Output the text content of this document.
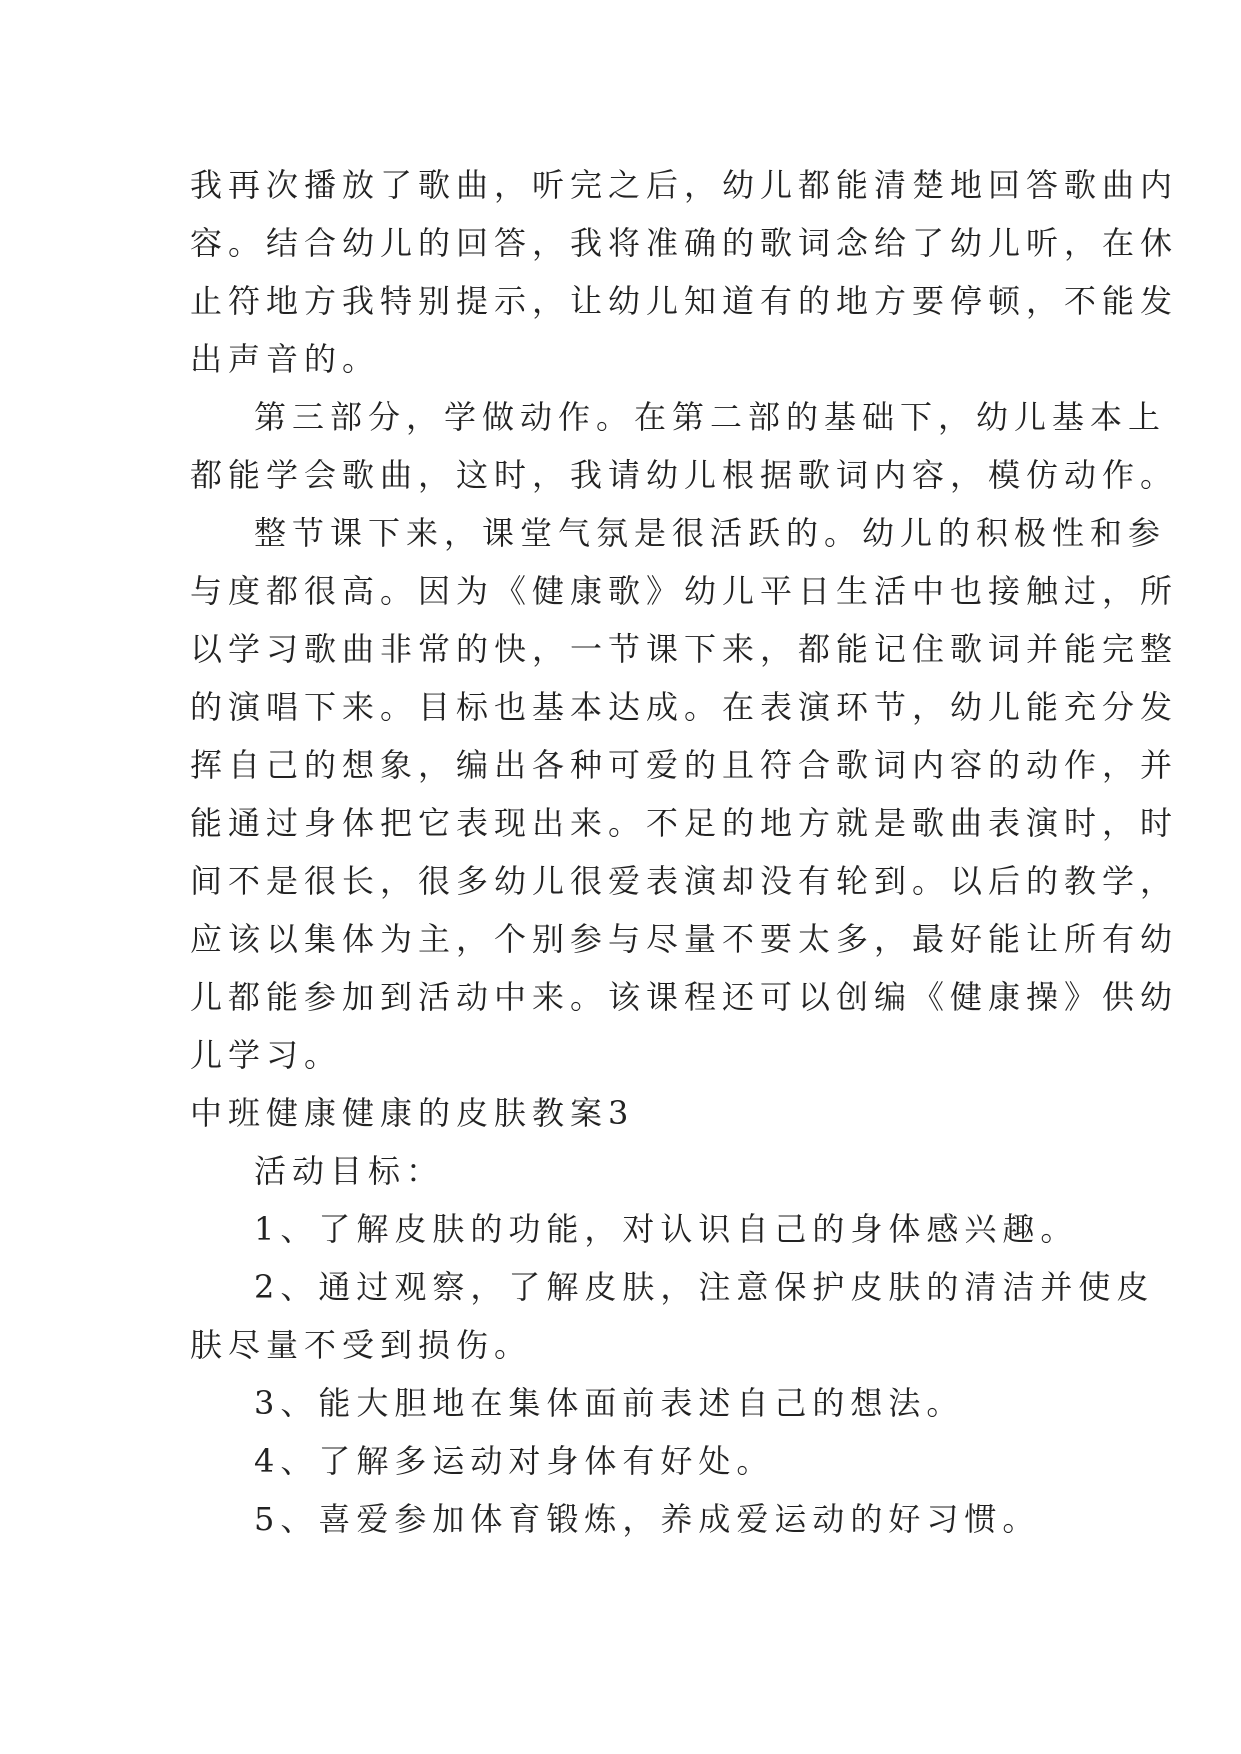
我再次播放了歌曲，听完之后，幼儿都能清楚地回答歌曲内
容。结合幼儿的回答，我将准确的歌词念给了幼儿听，在休
止符地方我特别提示，让幼儿知道有的地方要停顿，不能发
出声音的。
第三部分，学做动作。在第二部的基础下，幼儿基本上
都能学会歌曲，这时，我请幼儿根据歌词内容，模仿动作。
整节课下来，课堂气氛是很活跃的。幼儿的积极性和参
与度都很高。因为《健康歌》幼儿平日生活中也接触过，所
以学习歌曲非常的快，一节课下来，都能记住歌词并能完整
的演唱下来。目标也基本达成。在表演环节，幼儿能充分发
挥自己的想象，编出各种可爱的且符合歌词内容的动作，并
能通过身体把它表现出来。不足的地方就是歌曲表演时，时
间不是很长，很多幼儿很爱表演却没有轮到。以后的教学，
应该以集体为主，个别参与尽量不要太多，最好能让所有幼
儿都能参加到活动中来。该课程还可以创编《健康操》供幼
儿学习。
中班健康健康的皮肤教案3
活动目标：
1、了解皮肤的功能，对认识自己的身体感兴趣。
2、通过观察，了解皮肤，注意保护皮肤的清洁并使皮
肤尽量不受到损伤。
3、能大胆地在集体面前表述自己的想法。
4、了解多运动对身体有好处。
5、喜爱参加体育锻炼，养成爱运动的好习惯。
